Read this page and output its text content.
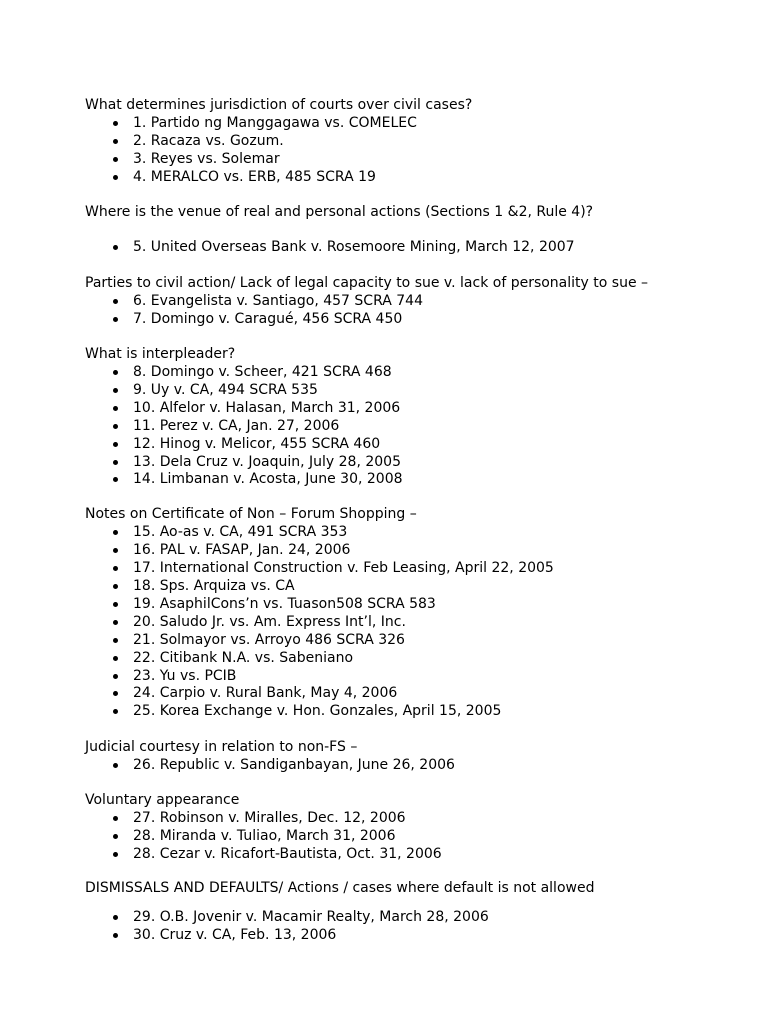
What determines jurisdiction of courts over civil cases?
1. Partido ng Manggagawa vs. COMELEC
2. Racaza vs. Gozum.
3. Reyes vs. Solemar
4. MERALCO vs. ERB, 485 SCRA 19
Where is the venue of real and personal actions (Sections 1 &2, Rule 4)?
5. United Overseas Bank v. Rosemoore Mining, March 12, 2007
Parties to civil action/ Lack of legal capacity to sue v. lack of personality to sue –
6. Evangelista v. Santiago, 457 SCRA 744
7. Domingo v. Caragué, 456 SCRA 450
What is interpleader?
8. Domingo v. Scheer, 421 SCRA 468
9. Uy v. CA, 494 SCRA 535
10. Alfelor v. Halasan, March 31, 2006
11. Perez v. CA, Jan. 27, 2006
12. Hinog v. Melicor, 455 SCRA 460
13. Dela Cruz v. Joaquin, July 28, 2005
14. Limbanan v. Acosta, June 30, 2008
Notes on Certificate of Non – Forum Shopping –
15. Ao-as v. CA, 491 SCRA 353
16. PAL v. FASAP, Jan. 24, 2006
17. International Construction v. Feb Leasing, April 22, 2005
18. Sps. Arquiza vs. CA
19. AsaphilCons’n vs. Tuason508 SCRA 583
20. Saludo Jr. vs. Am. Express Int’l, Inc.
21. Solmayor vs. Arroyo 486 SCRA 326
22. Citibank N.A. vs. Sabeniano
23. Yu vs. PCIB
24. Carpio v. Rural Bank, May 4, 2006
25. Korea Exchange v. Hon. Gonzales, April 15, 2005
Judicial courtesy in relation to non-FS –
26. Republic v. Sandiganbayan, June 26, 2006
Voluntary appearance
27. Robinson v. Miralles, Dec. 12, 2006
28. Miranda v. Tuliao, March 31, 2006
28. Cezar v. Ricafort-Bautista, Oct. 31, 2006
DISMISSALS AND DEFAULTS/ Actions / cases where default is not allowed
29. O.B. Jovenir v. Macamir Realty, March 28, 2006
30. Cruz v. CA, Feb. 13, 2006
